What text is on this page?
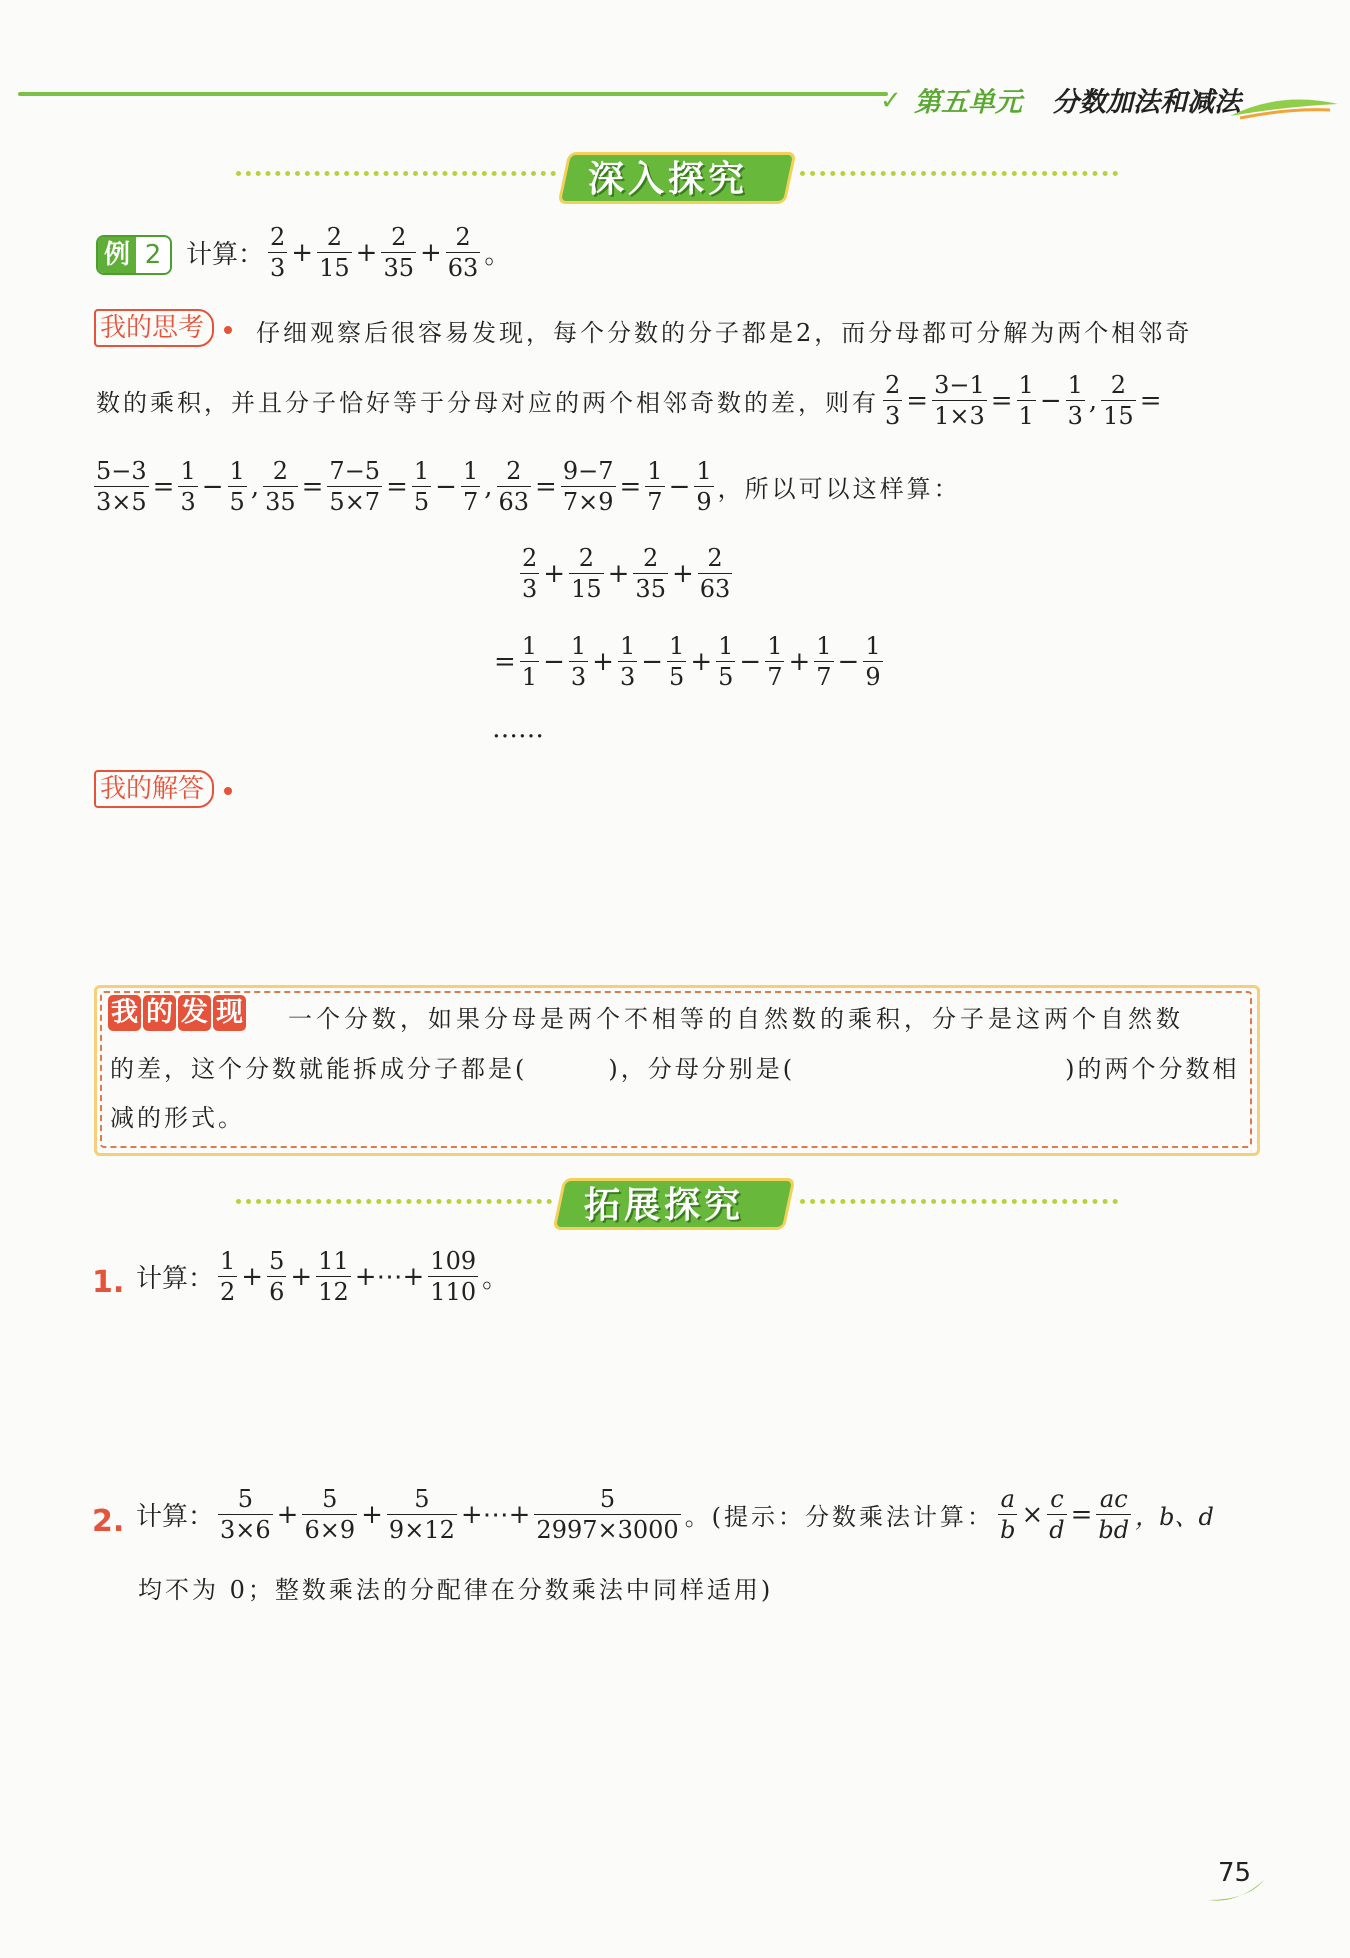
✓ 第五单元 分数加法和减法
深入探究
例 2 计算： $\frac{2}{3} + \frac{2}{15} + \frac{2}{35} + \frac{2}{63}$ 。
我的思考	仔细观察后很容易发现，每个分数的分子都是2，而分母都可分解为两个相邻奇
数的乘积，并且分子恰好等于分母对应的两个相邻奇数的差，则有 $\frac{2}{3} = \frac{3-1}{1\times 3} = \frac{1}{1} - \frac{1}{3}$ , $\frac{2}{15}$ =
$\frac{5-3}{3\times 5} = \frac{1}{3} - \frac{1}{5}$ , $\frac{2}{35} = \frac{7-5}{5\times 7} = \frac{1}{5} - \frac{1}{7}$ , $\frac{2}{63} = \frac{9-7}{7\times 9} = \frac{1}{7} - \frac{1}{9}$ ，所以可以这样算：
$\frac{2}{3} + \frac{2}{15} + \frac{2}{35} + \frac{2}{63}$
= $\frac{1}{1} - \frac{1}{3} + \frac{1}{3} - \frac{1}{5} + \frac{1}{5} - \frac{1}{7} + \frac{1}{7} - \frac{1}{9}$
……
我的解答
我 的 发 现 一个分数，如果分母是两个不相等的自然数的乘积，分子是这两个自然数
的差，这个分数就能拆成分子都是(　　　)，分母分别是(　　　　　　　　　　)的两个分数相
减的形式。
拓展探究
1. 计算： $\frac{1}{2} + \frac{5}{6} + \frac{11}{12}$ +⋯+ $\frac{109}{110}$ 。
2. 计算： $\frac{5}{3\times 6} + \frac{5}{6\times 9} + \frac{5}{9\times 12}$ +⋯+ $\frac{5}{2997\times 3000}$ 。(提示：分数乘法计算： $\frac{a}{b} \times \frac{c}{d} = \frac{ac}{bd}$ ，b、d
均不为 0；整数乘法的分配律在分数乘法中同样适用)
75
